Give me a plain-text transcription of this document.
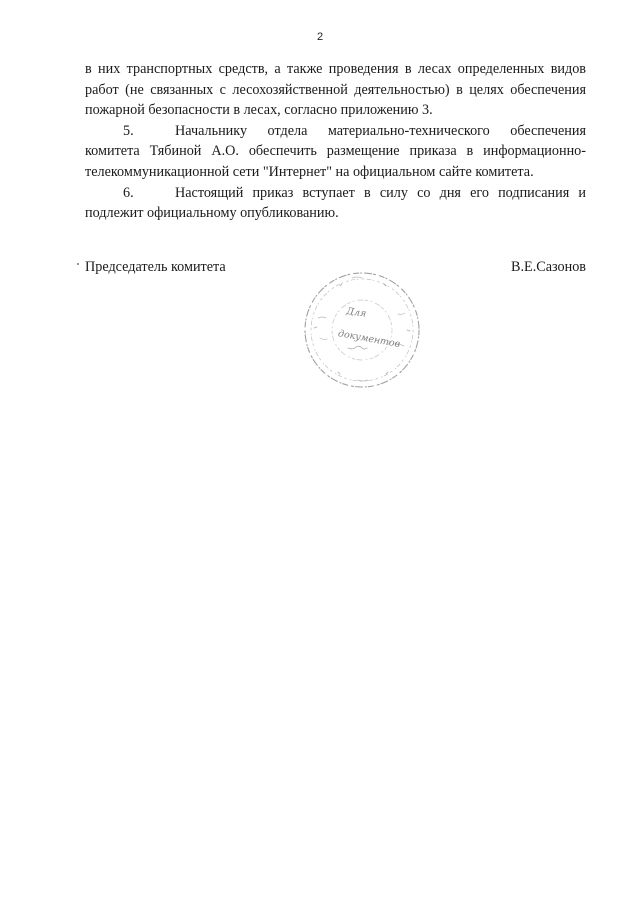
2

в них транспортных средств, а также проведения в лесах определенных видов работ (не связанных с лесохозяйственной деятельностью) в целях обеспечения пожарной безопасности в лесах, согласно приложению 3.

5.	Начальнику отдела материально-технического обеспечения комитета Тябиной А.О. обеспечить размещение приказа в информационно-телекоммуникационной сети "Интернет" на официальном сайте комитета.

6.	Настоящий приказ вступает в силу со дня его подписания и подлежит официальному опубликованию.

Председатель комитета	В.Е.Сазонов
Для
документов
